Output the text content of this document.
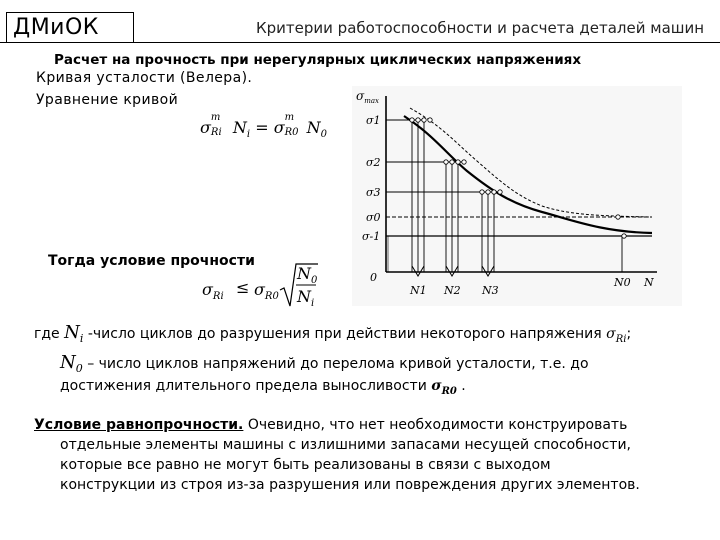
ДМиОК	Критерии работоспособности и расчета деталей машин
Расчет на прочность при нерегулярных циклических напряжениях
Кривая усталости (Велера).
Уравнение кривой
σ
m
Ri $N_i = \sigma$
m
R0 $N_0$
Тогда условие прочности
$\sigma_{Ri} \le \sigma_{R0}$
$N_0$
$N_i$
$\sigma_{max}$
σ1
σ2
σ3
σ0
σ-1
0
N1 N2 N3
N0 N
где $N_i$ -число циклов до разрушения при действии некоторого напряжения $\sigma_{Ri}$;
$N_0$ – число циклов напряжений до перелома кривой усталости, т.е. до
достижения длительного предела выносливости $\sigma_{R0}$ .
Условие равнопрочности. Очевидно, что нет необходимости конструировать
отдельные элементы машины с излишними запасами несущей способности,
которые все равно не могут быть реализованы в связи с выходом
конструкции из строя из-за разрушения или повреждения других элементов.
